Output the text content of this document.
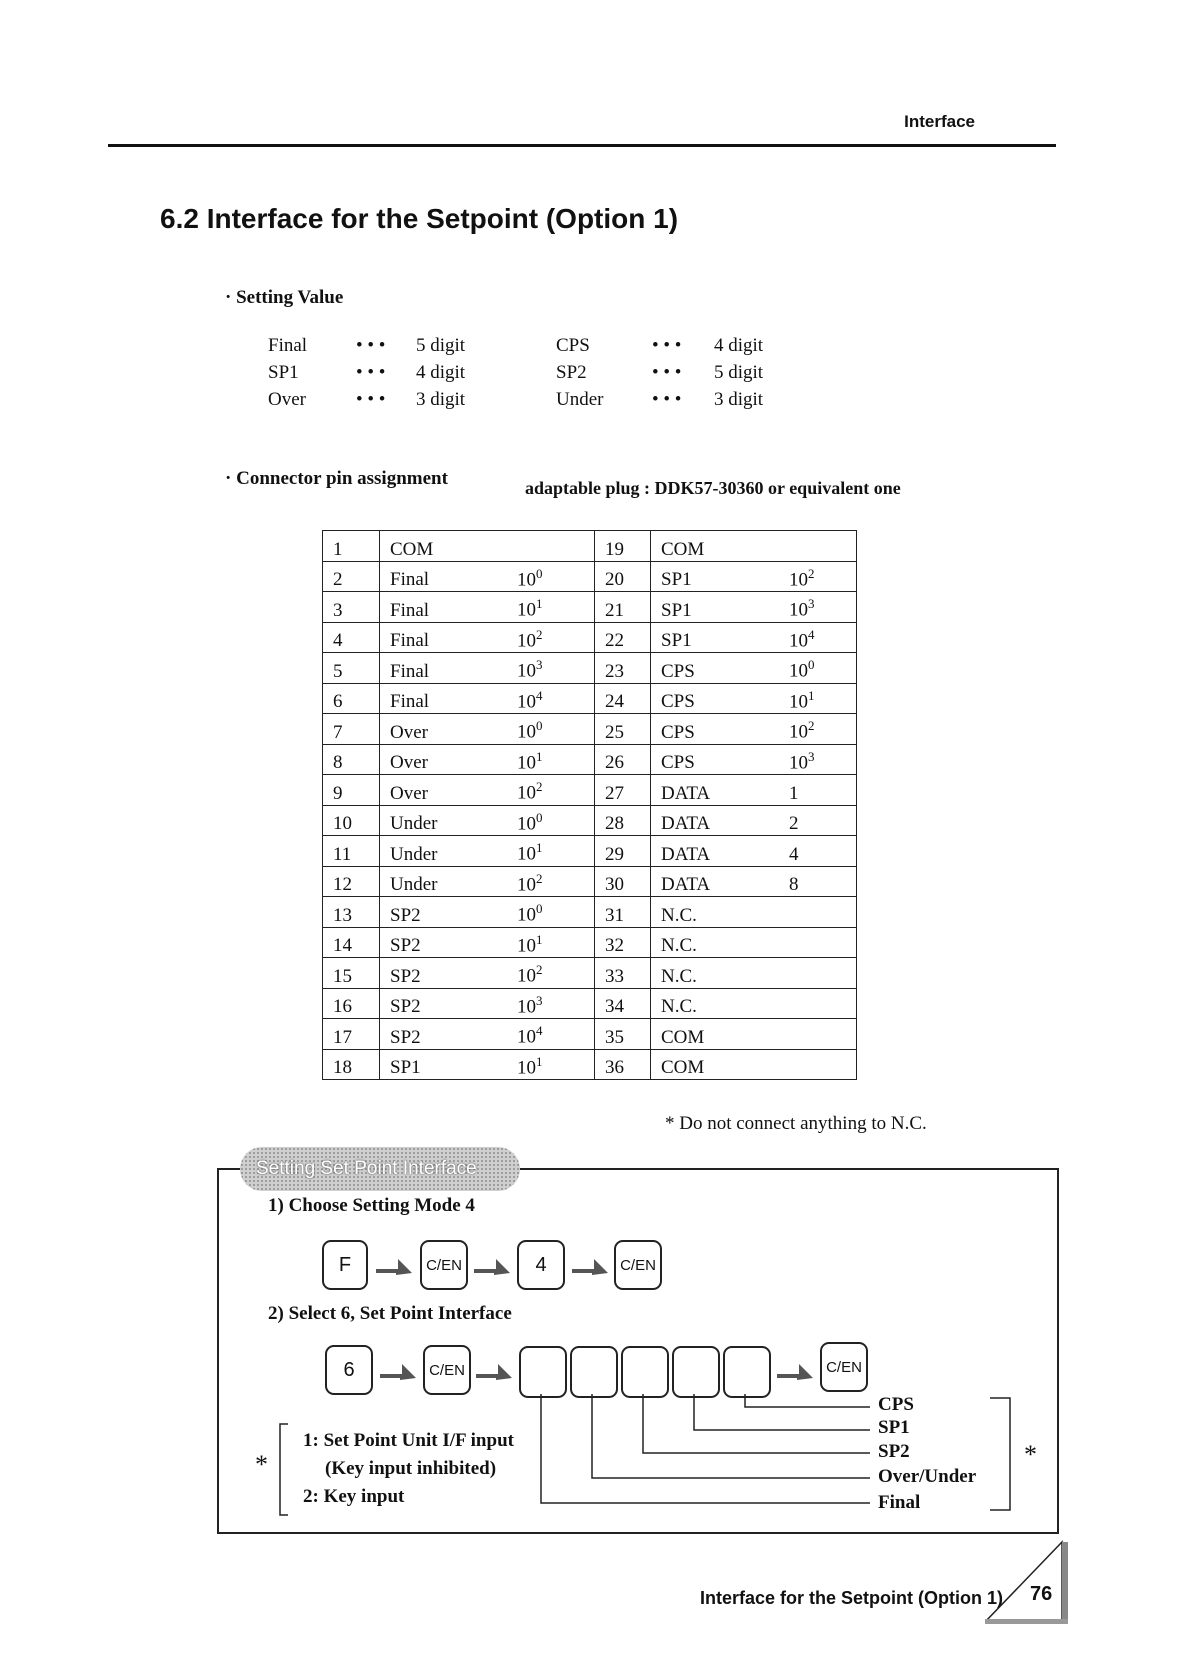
Interface
6.2 Interface for the Setpoint (Option 1)
· Setting Value
Final	• • •	5 digit	CPS	• • •	4 digit
SP1	• • •	4 digit	SP2	• • •	5 digit
Over	• • •	3 digit	Under	• • •	3 digit
· Connector pin assignment	adaptable plug : DDK57-30360 or equivalent one
1	COM		19	COM	
2	Final	$10^0$	20	SP1	$10^2$
3	Final	$10^1$	21	SP1	$10^3$
4	Final	$10^2$	22	SP1	$10^4$
5	Final	$10^3$	23	CPS	$10^0$
6	Final	$10^4$	24	CPS	$10^1$
7	Over	$10^0$	25	CPS	$10^2$
8	Over	$10^1$	26	CPS	$10^3$
9	Over	$10^2$	27	DATA	1
10	Under	$10^0$	28	DATA	2
11	Under	$10^1$	29	DATA	4
12	Under	$10^2$	30	DATA	8
13	SP2	$10^0$	31	N.C.	
14	SP2	$10^1$	32	N.C.	
15	SP2	$10^2$	33	N.C.	
16	SP2	$10^3$	34	N.C.	
17	SP2	$10^4$	35	COM	
18	SP1	$10^1$	36	COM	
* Do not connect anything to N.C.
Setting Set Point Interface
1) Choose Setting Mode 4
F	C/EN	4	C/EN
2) Select 6, Set Point Interface
6	C/EN	C/EN
1: Set Point Unit I/F input
(Key input inhibited)
2: Key input
*	*
CPS
SP1
SP2
Over/Under
Final
Interface for the Setpoint (Option 1) 76
